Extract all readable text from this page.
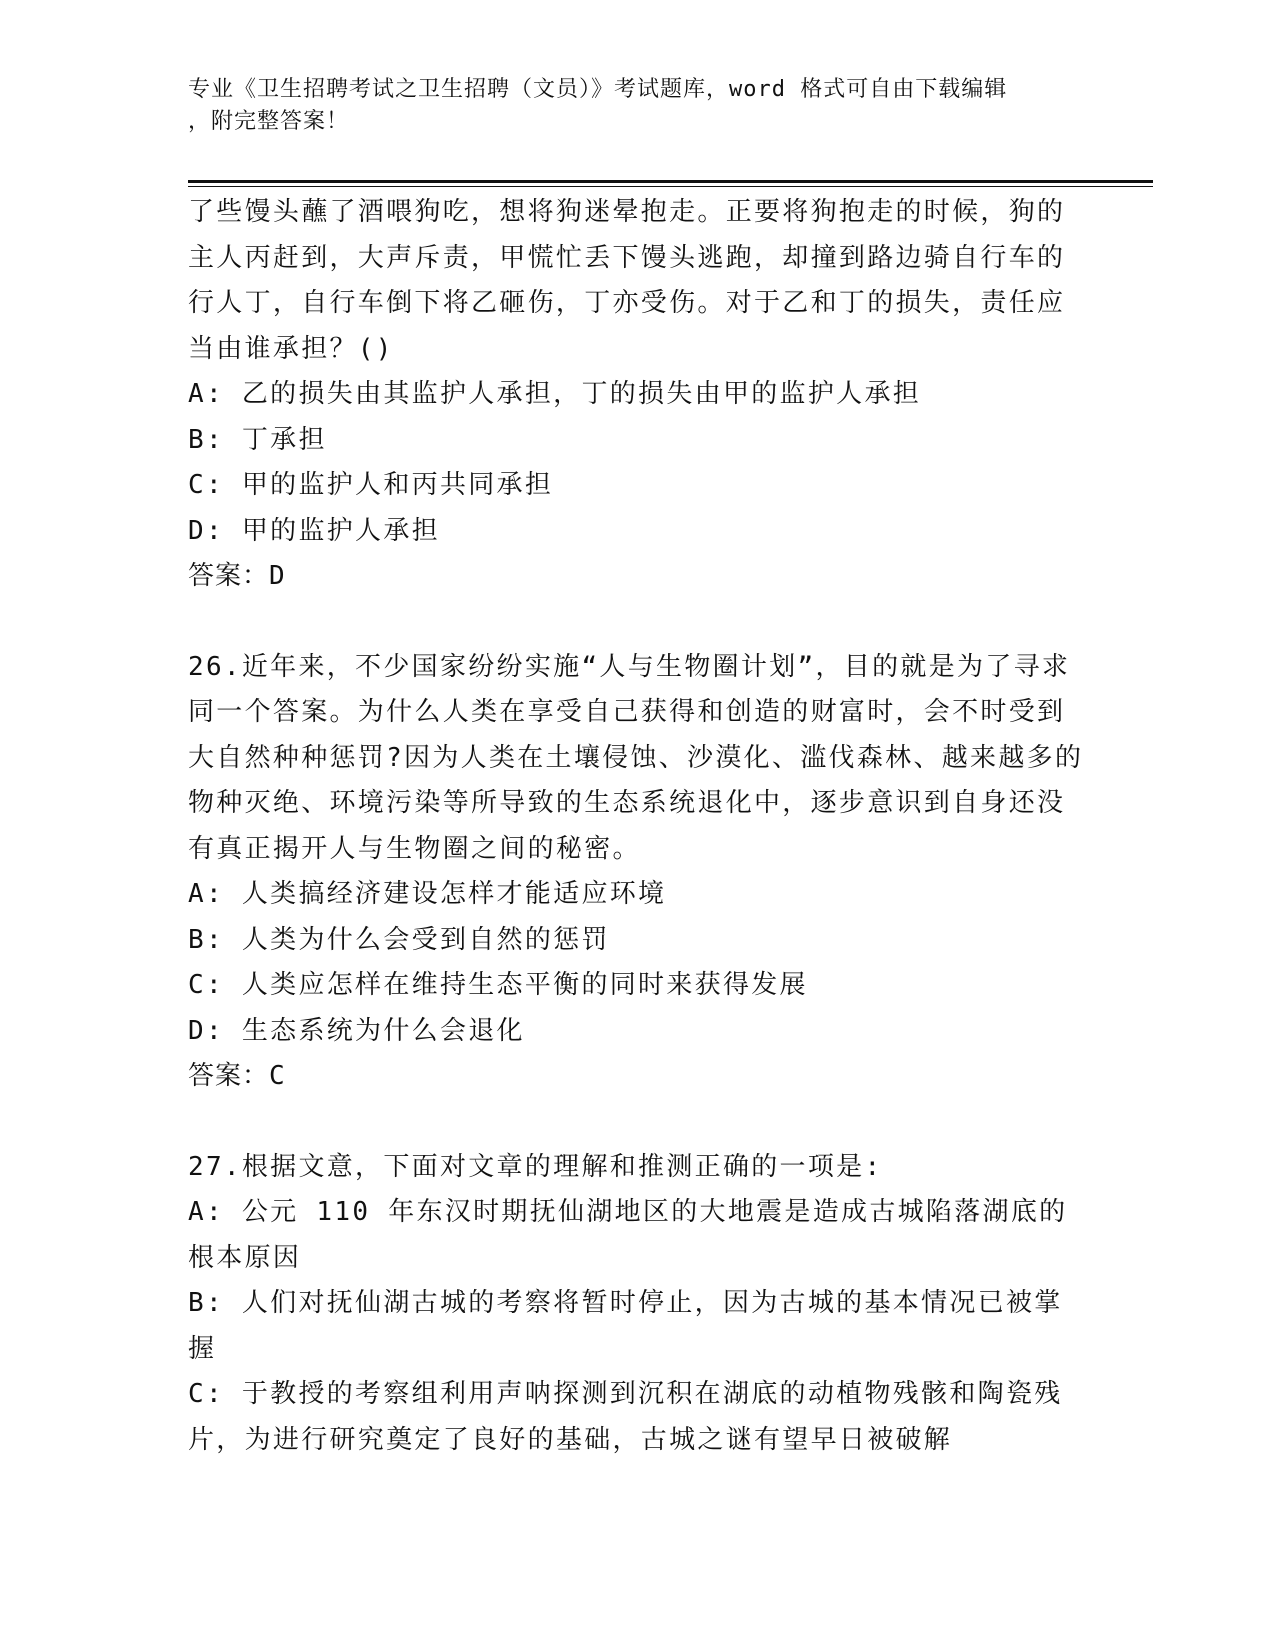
专业《卫生招聘考试之卫生招聘（文员）》考试题库，word 格式可自由下载编辑
，附完整答案！

了些馒头蘸了酒喂狗吃，想将狗迷晕抱走。正要将狗抱走的时候，狗的主人丙赶到，大声斥责，甲慌忙丢下馒头逃跑，却撞到路边骑自行车的行人丁，自行车倒下将乙砸伤，丁亦受伤。对于乙和丁的损失，责任应当由谁承担？()

A: 乙的损失由其监护人承担，丁的损失由甲的监护人承担

B: 丁承担

C: 甲的监护人和丙共同承担

D: 甲的监护人承担

答案：D

26.近年来，不少国家纷纷实施“人与生物圈计划”，目的就是为了寻求同一个答案。为什么人类在享受自己获得和创造的财富时，会不时受到大自然种种惩罚?因为人类在土壤侵蚀、沙漠化、滥伐森林、越来越多的物种灭绝、环境污染等所导致的生态系统退化中，逐步意识到自身还没有真正揭开人与生物圈之间的秘密。

A: 人类搞经济建设怎样才能适应环境

B: 人类为什么会受到自然的惩罚

C: 人类应怎样在维持生态平衡的同时来获得发展

D: 生态系统为什么会退化

答案：C

27.根据文意，下面对文章的理解和推测正确的一项是:

A: 公元 110 年东汉时期抚仙湖地区的大地震是造成古城陷落湖底的根本原因

B: 人们对抚仙湖古城的考察将暂时停止，因为古城的基本情况已被掌握

C: 于教授的考察组利用声呐探测到沉积在湖底的动植物残骸和陶瓷残片，为进行研究奠定了良好的基础，古城之谜有望早日被破解
